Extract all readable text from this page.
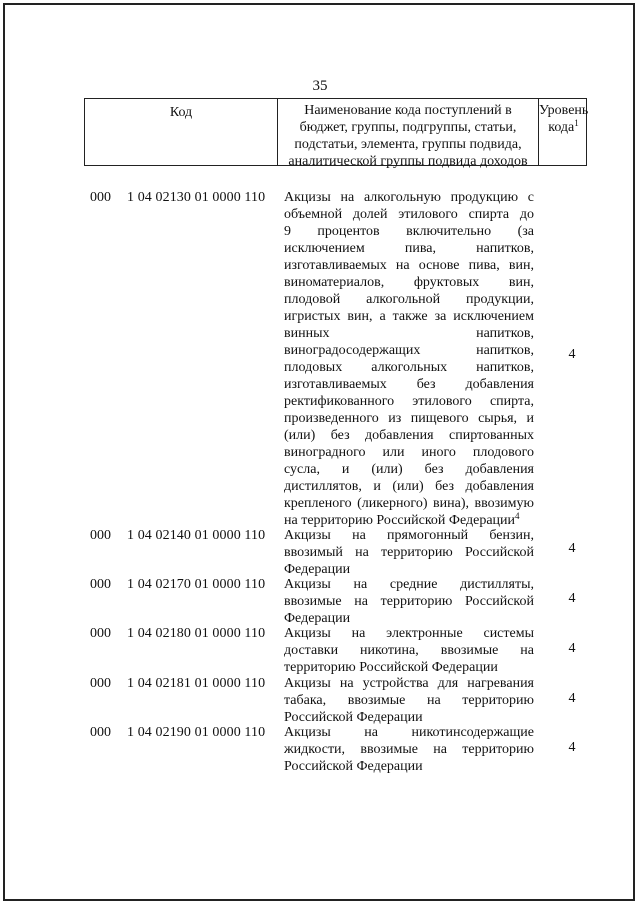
35
Код	Наименование кода поступлений в
бюджет, группы, подгруппы, статьи,
подстатьи, элемента, группы подвида,
аналитической группы подвида доходов
Уровень
кода$^1$
000 1 04 02130 01 0000 110 Акцизы на алкогольную продукцию с
объемной долей этилового спирта до
9 процентов включительно (за
исключением пива, напитков,
изготавливаемых на основе пива, вин,
виноматериалов, фруктовых вин,
плодовой алкогольной продукции,
игристых вин, а также за исключением
винных напитков,
виноградосодержащих напитков,
плодовых алкогольных напитков,
изготавливаемых без добавления
ректификованного этилового спирта,
произведенного из пищевого сырья, и
(или) без добавления спиртованных
виноградного или иного плодового
сусла, и (или) без добавления
дистиллятов, и (или) без добавления
крепленого (ликерного) вина), ввозимую
на территорию Российской Федерации$^4$
4
000 1 04 02140 01 0000 110 Акцизы на прямогонный бензин,
ввозимый на территорию Российской
Федерации
4
000 1 04 02170 01 0000 110 Акцизы на средние дистилляты,
ввозимые на территорию Российской
Федерации
4
000 1 04 02180 01 0000 110 Акцизы на электронные системы
доставки никотина, ввозимые на
территорию Российской Федерации
4
000 1 04 02181 01 0000 110 Акцизы на устройства для нагревания
табака, ввозимые на территорию
Российской Федерации
4
000 1 04 02190 01 0000 110 Акцизы на никотинсодержащие
жидкости, ввозимые на территорию
Российской Федерации
4
